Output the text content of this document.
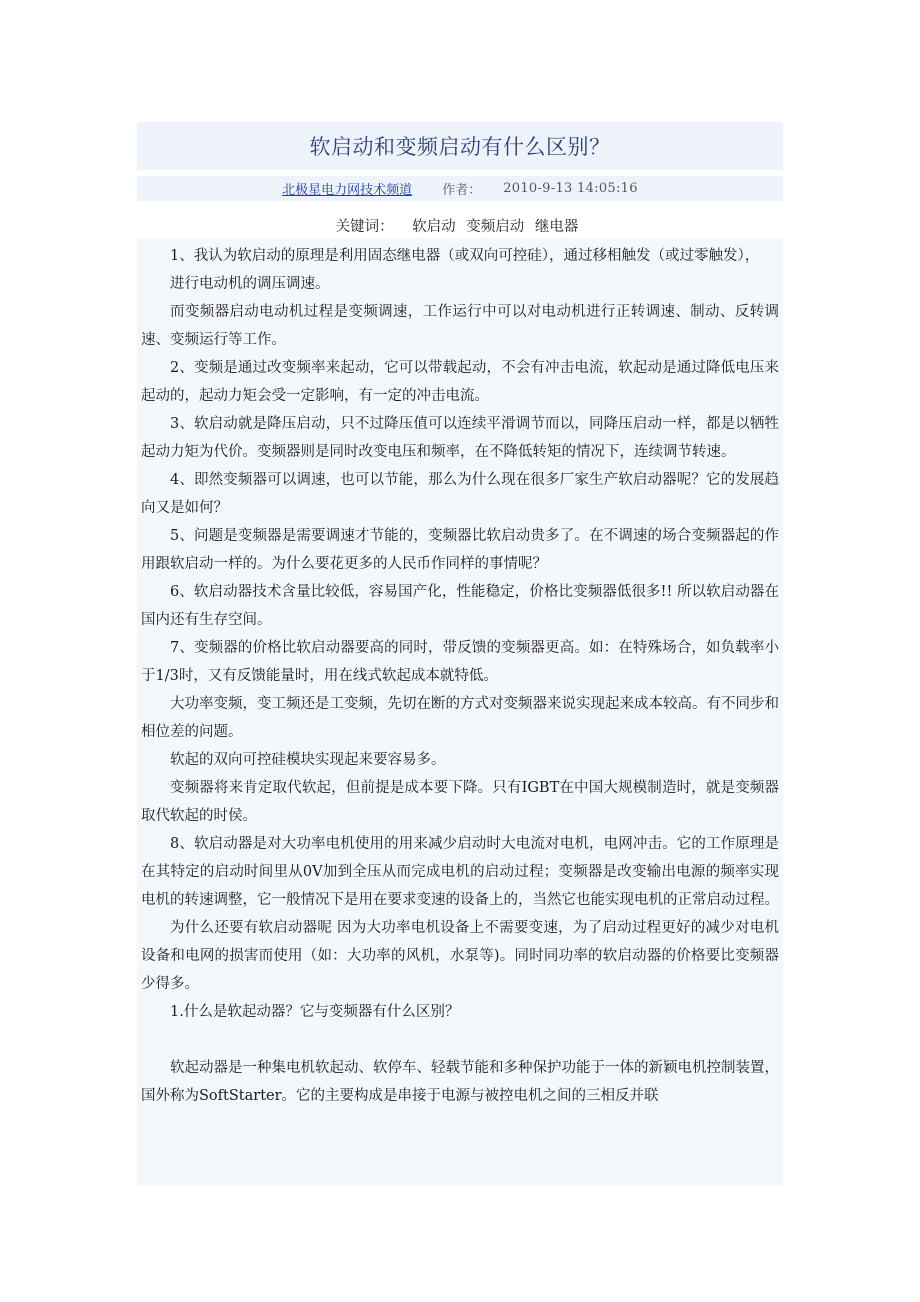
软启动和变频启动有什么区别？
北极星电力网技术频道 作者： 2010-9-13 14:05:16
关键词： 软启动 变频启动 继电器

1、我认为软启动的原理是利用固态继电器（或双向可控硅），通过移相触发（或过零触发），

进行电动机的调压调速。

而变频器启动电动机过程是变频调速，工作运行中可以对电动机进行正转调速、制动、反转调速、变频运行等工作。

2、变频是通过改变频率来起动，它可以带载起动，不会有冲击电流，软起动是通过降低电压来起动的，起动力矩会受一定影响，有一定的冲击电流。

3、软启动就是降压启动，只不过降压值可以连续平滑调节而以，同降压启动一样，都是以牺牲起动力矩为代价。变频器则是同时改变电压和频率，在不降低转矩的情况下，连续调节转速。

4、即然变频器可以调速，也可以节能，那么为什么现在很多厂家生产软启动器呢？它的发展趋向又是如何？

5、问题是变频器是需要调速才节能的，变频器比软启动贵多了。在不调速的场合变频器起的作用跟软启动一样的。为什么要花更多的人民币作同样的事情呢？

6、软启动器技术含量比较低，容易国产化，性能稳定，价格比变频器低很多!! 所以软启动器在国内还有生存空间。

7、变频器的价格比软启动器要高的同时，带反馈的变频器更高。如：在特殊场合，如负载率小于1/3时，又有反馈能量时，用在线式软起成本就特低。

大功率变频，变工频还是工变频，先切在断的方式对变频器来说实现起来成本较高。有不同步和相位差的问题。

软起的双向可控硅模块实现起来要容易多。

变频器将来肯定取代软起，但前提是成本要下降。只有IGBT在中国大规模制造时，就是变频器取代软起的时侯。

8、软启动器是对大功率电机使用的用来减少启动时大电流对电机，电网冲击。它的工作原理是在其特定的启动时间里从0V加到全压从而完成电机的启动过程；变频器是改变输出电源的频率实现电机的转速调整，它一般情况下是用在要求变速的设备上的，当然它也能实现电机的正常启动过程。

为什么还要有软启动器呢 因为大功率电机设备上不需要变速，为了启动过程更好的减少对电机设备和电网的损害而使用（如：大功率的风机，水泵等)。同时同功率的软启动器的价格要比变频器少得多。

1.什么是软起动器？它与变频器有什么区别？

软起动器是一种集电机软起动、软停车、轻载节能和多种保护功能于一体的新颖电机控制装置，国外称为SoftStarter。它的主要构成是串接于电源与被控电机之间的三相反并联
